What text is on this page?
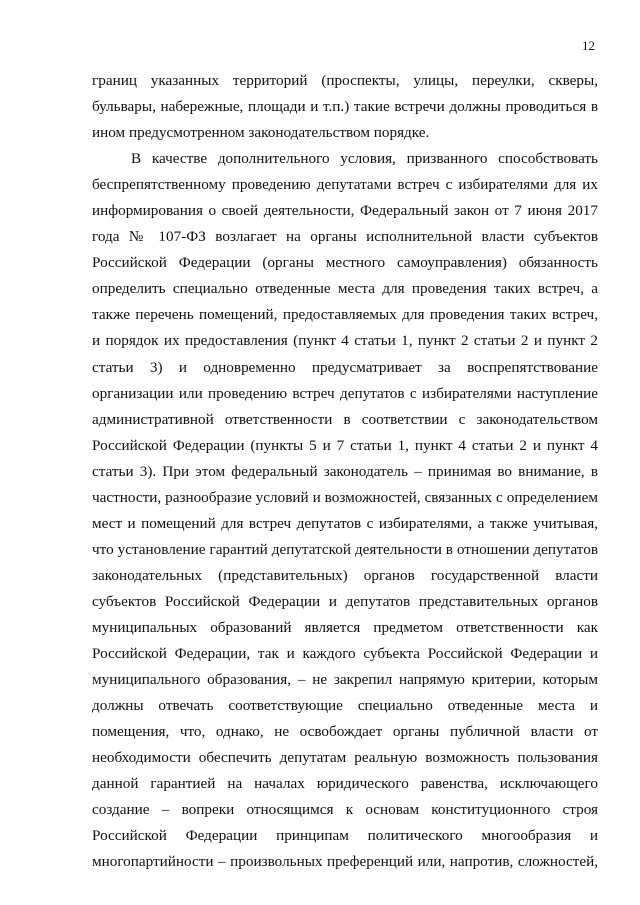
12

границ указанных территорий (проспекты, улицы, переулки, скверы, бульвары, набережные, площади и т.п.) такие встречи должны проводиться в ином предусмотренном законодательством порядке.

В качестве дополнительного условия, призванного способствовать беспрепятственному проведению депутатами встреч с избирателями для их информирования о своей деятельности, Федеральный закон от 7 июня 2017 года № 107-ФЗ возлагает на органы исполнительной власти субъектов Российской Федерации (органы местного самоуправления) обязанность определить специально отведенные места для проведения таких встреч, а также перечень помещений, предоставляемых для проведения таких встреч, и порядок их предоставления (пункт 4 статьи 1, пункт 2 статьи 2 и пункт 2 статьи 3) и одновременно предусматривает за воспрепятствование организации или проведению встреч депутатов с избирателями наступление административной ответственности в соответствии с законодательством Российской Федерации (пункты 5 и 7 статьи 1, пункт 4 статьи 2 и пункт 4 статьи 3). При этом федеральный законодатель – принимая во внимание, в частности, разнообразие условий и возможностей, связанных с определением мест и помещений для встреч депутатов с избирателями, а также учитывая, что установление гарантий депутатской деятельности в отношении депутатов законодательных (представительных) органов государственной власти субъектов Российской Федерации и депутатов представительных органов муниципальных образований является предметом ответственности как Российской Федерации, так и каждого субъекта Российской Федерации и муниципального образования, – не закрепил напрямую критерии, которым должны отвечать соответствующие специально отведенные места и помещения, что, однако, не освобождает органы публичной власти от необходимости обеспечить депутатам реальную возможность пользования данной гарантией на началах юридического равенства, исключающего создание – вопреки относящимся к основам конституционного строя Российской Федерации принципам политического многообразия и многопартийности – произвольных преференций или, напротив, сложностей,
